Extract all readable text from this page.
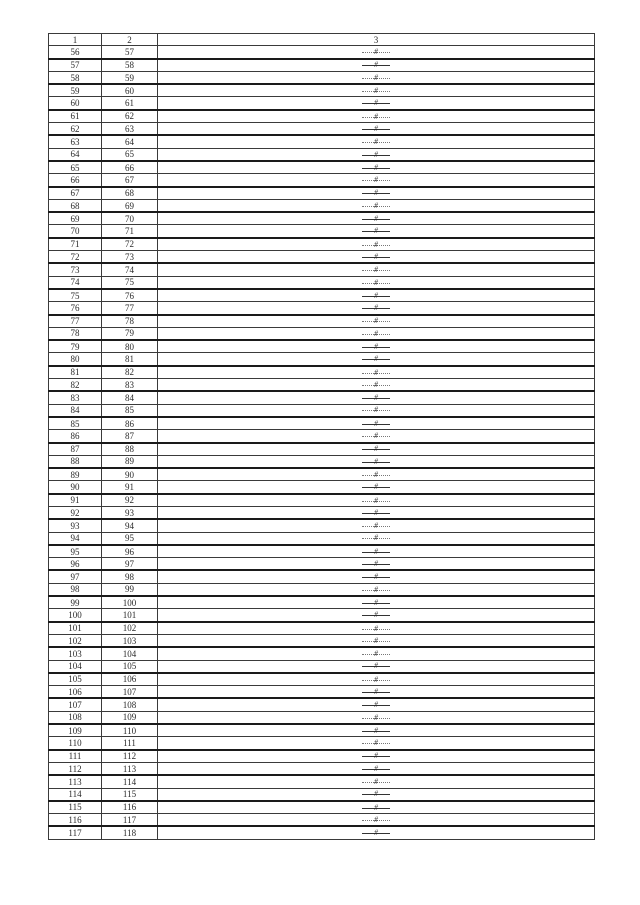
1	2	3
56	57	#

57	58	#

58	59	#

59	60	#

60	61	#

61	62	#

62	63	#

63	64	#

64	65	#

65	66	#

66	67	#

67	68	#

68	69	#

69	70	#

70	71	#

71	72	#

72	73	#

73	74	#

74	75	#

75	76	#

76	77	#

77	78	#

78	79	#

79	80	#

80	81	#

81	82	#

82	83	#

83	84	#

84	85	#

85	86	#

86	87	#

87	88	#

88	89	#

89	90	#

90	91	#

91	92	#

92	93	#

93	94	#

94	95	#

95	96	#

96	97	#

97	98	#

98	99	#

99	100	#

100	101	#

101	102	#

102	103	#

103	104	#

104	105	#

105	106	#

106	107	#

107	108	#

108	109	#

109	110	#

110	111	#

111	112	#

112	113	#

113	114	#

114	115	#

115	116	#

116	117	#

117	118	#
